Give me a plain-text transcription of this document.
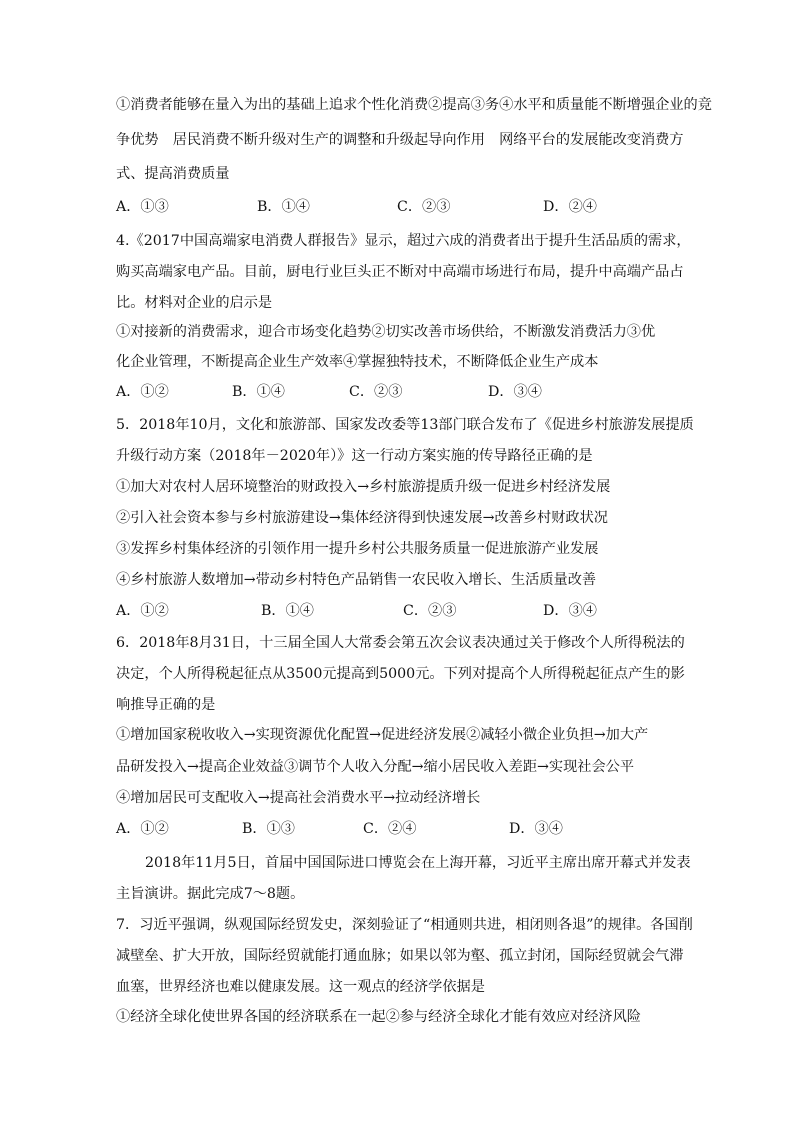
①消费者能够在量入为出的基础上追求个性化消费②提高③务④水平和质量能不断增强企业的竞
争优势　居民消费不断升级对生产的调整和升级起导向作用　网络平台的发展能改变消费方
式、提高消费质量
A．①③	B．①④	C．②③	D．②④
4.《2017中国高端家电消费人群报告》显示，超过六成的消费者出于提升生活品质的需求，
购买高端家电产品。目前，厨电行业巨头正不断对中高端市场进行布局，提升中高端产品占
比。材料对企业的启示是
①对接新的消费需求，迎合市场变化趋势②切实改善市场供给，不断激发消费活力③优
化企业管理，不断提高企业生产效率④掌握独特技术，不断降低企业生产成本
A．①②	B．①④	C．②③	D．③④
5．2018年10月，文化和旅游部、国家发改委等13部门联合发布了《促进乡村旅游发展提质
升级行动方案（2018年－2020年）》这一行动方案实施的传导路径正确的是
①加大对农村人居环境整治的财政投入→乡村旅游提质升级一促进乡村经济发展
②引入社会资本参与乡村旅游建设→集体经济得到快速发展→改善乡村财政状况
③发挥乡村集体经济的引领作用一提升乡村公共服务质量一促进旅游产业发展
④乡村旅游人数增加→带动乡村特色产品销售一农民收入增长、生活质量改善
A．①②	B．①④	C．②③	D．③④
6．2018年8月31日，十三届全国人大常委会第五次会议表决通过关于修改个人所得税法的
决定，个人所得税起征点从3500元提高到5000元。下列对提高个人所得税起征点产生的影
响推导正确的是
①增加国家税收收入→实现资源优化配置→促进经济发展②减轻小微企业负担→加大产
品研发投入→提高企业效益③调节个人收入分配→缩小居民收入差距→实现社会公平
④增加居民可支配收入→提高社会消费水平→拉动经济增长
A．①②	B．①③	C．②④	D．③④
2018年11月5日，首届中国国际进口博览会在上海开幕，习近平主席出席开幕式并发表
主旨演讲。据此完成7～8题。
7．习近平强调，纵观国际经贸发史，深刻验证了“相通则共进，相闭则各退”的规律。各国削
减壁垒、扩大开放，国际经贸就能打通血脉；如果以邻为壑、孤立封闭，国际经贸就会气滞
血塞，世界经济也难以健康发展。这一观点的经济学依据是
①经济全球化使世界各国的经济联系在一起②参与经济全球化才能有效应对经济风险
